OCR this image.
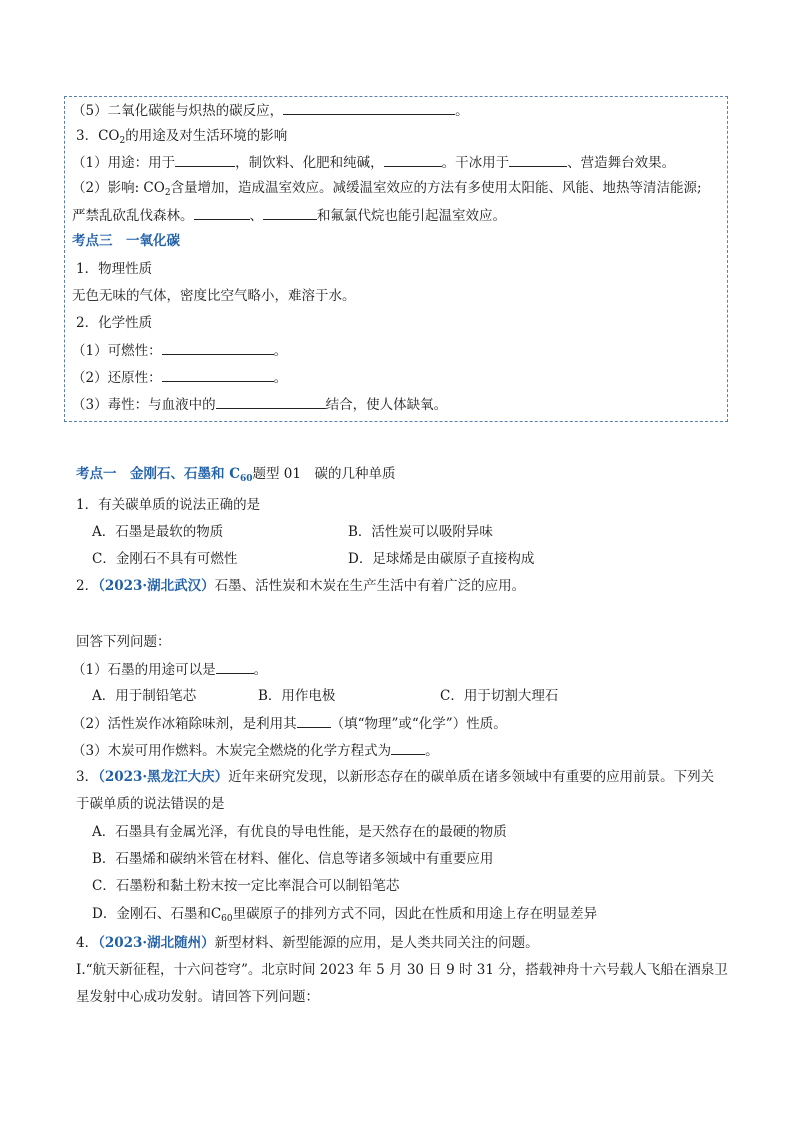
（5）二氧化碳能与炽热的碳反应，	。
3．$CO_2$的用途及对生活环境的影响
（1）用途：用于	，制饮料、化肥和纯碱，	。干冰用于	、营造舞台效果。
（2）影响: $CO_2$含量增加，造成温室效应。减缓温室效应的方法有多使用太阳能、风能、地热等清洁能源;
严禁乱砍乱伐森林。	、	和氟氯代烷也能引起温室效应。
考点三　一氧化碳
1．物理性质
无色无味的气体，密度比空气略小，难溶于水。
2．化学性质
（1）可燃性：	。
（2）还原性：	。
（3）毒性：与血液中的	结合，使人体缺氧。
考点一　金刚石、石墨和 $C_{60}$题型 01　碳的几种单质
1．有关碳单质的说法正确的是
A．石墨是最软的物质	B．活性炭可以吸附异味
C．金刚石不具有可燃性	D．足球烯是由碳原子直接构成
2．（2023·湖北武汉）石墨、活性炭和木炭在生产生活中有着广泛的应用。
回答下列问题：
（1）石墨的用途可以是	。
A．用于制铅笔芯	B．用作电极	C．用于切割大理石
（2）活性炭作冰箱除味剂，是利用其	（填“物理”或“化学”）性质。
（3）木炭可用作燃料。木炭完全燃烧的化学方程式为	。
3．（2023·黑龙江大庆）近年来研究发现，以新形态存在的碳单质在诸多领域中有重要的应用前景。下列关
于碳单质的说法错误的是
A．石墨具有金属光泽，有优良的导电性能，是天然存在的最硬的物质
B．石墨烯和碳纳米管在材料、催化、信息等诸多领域中有重要应用
C．石墨粉和黏土粉末按一定比率混合可以制铅笔芯
D．金刚石、石墨和$C_{60}$里碳原子的排列方式不同，因此在性质和用途上存在明显差异
4．（2023·湖北随州）新型材料、新型能源的应用，是人类共同关注的问题。
Ⅰ.“航天新征程，十六问苍穹”。北京时间 2023 年 5 月 30 日 9 时 31 分，搭载神舟十六号载人飞船在酒泉卫
星发射中心成功发射。请回答下列问题：
